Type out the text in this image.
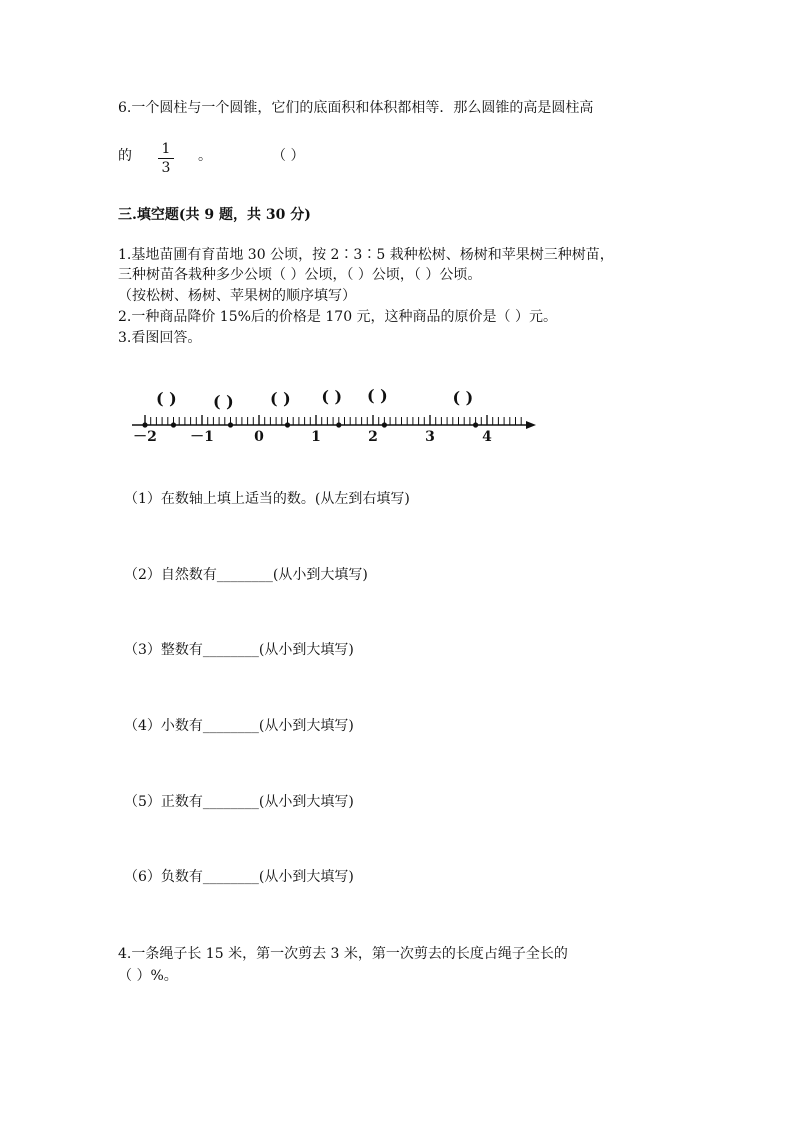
6.一个圆柱与一个圆锥，它们的底面积和体积都相等．那么圆锥的高是圆柱高
的 1
3
。	（ ）
三.填空题(共 9 题，共 30 分)
1.基地苗圃有育苗地 30 公顷，按 2∶3∶5 栽种松树、杨树和苹果树三种树苗，
三种树苗各栽种多少公顷（ ）公顷，（ ）公顷，（ ）公顷。
（按松树、杨树、苹果树的顺序填写）
2.一种商品降价 15%后的价格是 170 元，这种商品的原价是（ ）元。
3.看图回答。
－2 －1	0	1	2	3	4
( ) ( ) ( ) ( ) ( )	( )
（1）在数轴上填上适当的数。(从左到右填写)
（2）自然数有________(从小到大填写)
（3）整数有________(从小到大填写)
（4）小数有________(从小到大填写)
（5）正数有________(从小到大填写)
（6）负数有________(从小到大填写)
4.一条绳子长 15 米，第一次剪去 3 米，第一次剪去的长度占绳子全长的
（ ）%。
